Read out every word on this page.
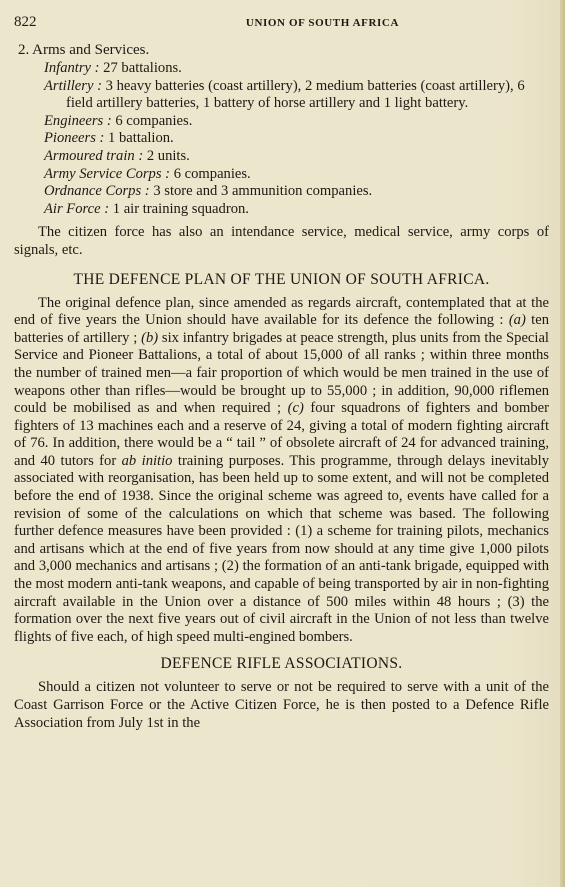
822	UNION OF SOUTH AFRICA
2. Arms and Services.
Infantry : 27 battalions.
Artillery : 3 heavy batteries (coast artillery), 2 medium batteries (coast artillery), 6 field artillery batteries, 1 battery of horse artillery and 1 light battery.
Engineers : 6 companies.
Pioneers : 1 battalion.
Armoured train : 2 units.
Army Service Corps : 6 companies.
Ordnance Corps : 3 store and 3 ammunition companies.
Air Force : 1 air training squadron.

The citizen force has also an intendance service, medical service, army corps of signals, etc.

THE DEFENCE PLAN OF THE UNION OF SOUTH AFRICA.

The original defence plan, since amended as regards aircraft, contemplated that at the end of five years the Union should have available for its defence the following : (a) ten batteries of artillery ; (b) six infantry brigades at peace strength, plus units from the Special Service and Pioneer Battalions, a total of about 15,000 of all ranks ; within three months the number of trained men—a fair proportion of which would be men trained in the use of weapons other than rifles—would be brought up to 55,000 ; in addition, 90,000 riflemen could be mobilised as and when required ; (c) four squadrons of fighters and bomber fighters of 13 machines each and a reserve of 24, giving a total of modern fighting aircraft of 76. In addition, there would be a “ tail ” of obsolete aircraft of 24 for advanced training, and 40 tutors for ab initio training purposes. This programme, through delays inevitably associated with reorganisation, has been held up to some extent, and will not be completed before the end of 1938. Since the original scheme was agreed to, events have called for a revision of some of the calculations on which that scheme was based. The following further defence measures have been provided : (1) a scheme for training pilots, mechanics and artisans which at the end of five years from now should at any time give 1,000 pilots and 3,000 mechanics and artisans ; (2) the formation of an anti-tank brigade, equipped with the most modern anti-tank weapons, and capable of being transported by air in non-fighting aircraft available in the Union over a distance of 500 miles within 48 hours ; (3) the formation over the next five years out of civil aircraft in the Union of not less than twelve flights of five each, of high speed multi-engined bombers.

DEFENCE RIFLE ASSOCIATIONS.

Should a citizen not volunteer to serve or not be required to serve with a unit of the Coast Garrison Force or the Active Citizen Force, he is then posted to a Defence Rifle Association from July 1st in the
